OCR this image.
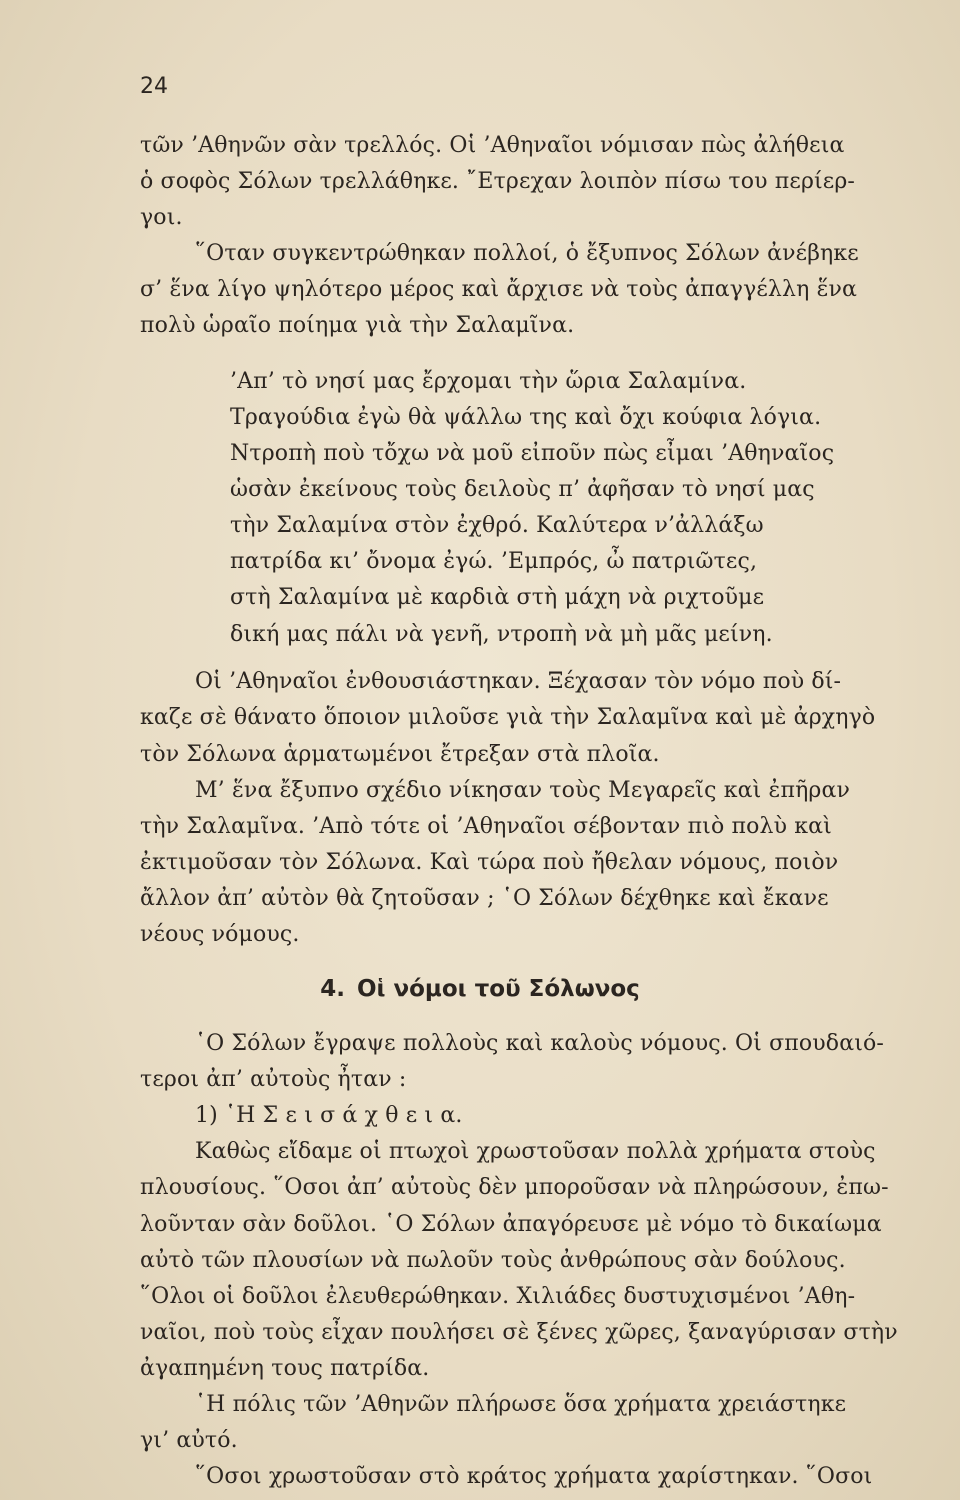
24
τῶν ’Αθηνῶν σὰν τρελλός. Οἱ ’Αθηναῖοι νόμισαν πὼς ἀλήθεια
ὁ σοφὸς Σόλων τρελλάθηκε. ῎Ετρεχαν λοιπὸν πίσω του περίερ-
γοι.
῞Οταν συγκεντρώθηκαν πολλοί, ὁ ἔξυπνος Σόλων ἀνέβηκε
σ’ ἕνα λίγο ψηλότερο μέρος καὶ ἄρχισε νὰ τοὺς ἀπαγγέλλη ἕνα
πολὺ ὡραῖο ποίημα γιὰ τὴν Σαλαμῖνα.
’Απ’ τὸ νησί μας ἔρχομαι τὴν ὥρια Σαλαμίνα.
Τραγούδια ἐγὼ θὰ ψάλλω της καὶ ὄχι κούφια λόγια.
Ντροπὴ ποὺ τὄχω νὰ μοῦ εἰποῦν πὼς εἶμαι ’Αθηναῖος
ὡσὰν ἐκείνους τοὺς δειλοὺς π’ ἀφῆσαν τὸ νησί μας
τὴν Σαλαμίνα στὸν ἐχθρό. Καλύτερα ν’ἀλλάξω
πατρίδα κι’ ὄνομα ἐγώ. ’Εμπρός, ὦ πατριῶτες,
στὴ Σαλαμίνα μὲ καρδιὰ στὴ μάχη νὰ ριχτοῦμε
δική μας πάλι νὰ γενῆ, ντροπὴ νὰ μὴ μᾶς μείνη.
Οἱ ’Αθηναῖοι ἐνθουσιάστηκαν. Ξέχασαν τὸν νόμο ποὺ δί-
καζε σὲ θάνατο ὅποιον μιλοῦσε γιὰ τὴν Σαλαμῖνα καὶ μὲ ἀρχηγὸ
τὸν Σόλωνα ἁρματωμένοι ἔτρεξαν στὰ πλοῖα.
Μ’ ἕνα ἔξυπνο σχέδιο νίκησαν τοὺς Μεγαρεῖς καὶ ἐπῆραν
τὴν Σαλαμῖνα. ’Απὸ τότε οἱ ’Αθηναῖοι σέβονταν πιὸ πολὺ καὶ
ἐκτιμοῦσαν τὸν Σόλωνα. Καὶ τώρα ποὺ ἤθελαν νόμους, ποιὸν
ἄλλον ἀπ’ αὐτὸν θὰ ζητοῦσαν ; ῾Ο Σόλων δέχθηκε καὶ ἔκανε
νέους νόμους.
4. Οἱ νόμοι τοῦ Σόλωνος
῾Ο Σόλων ἔγραψε πολλοὺς καὶ καλοὺς νόμους. Οἱ σπουδαιό-
τεροι ἀπ’ αὐτοὺς ἦταν :
1) ῾Η Σ ε ι σ ά χ θ ε ι α.
Καθὼς εἴδαμε οἱ πτωχοὶ χρωστοῦσαν πολλὰ χρήματα στοὺς
πλουσίους. ῞Οσοι ἀπ’ αὐτοὺς δὲν μποροῦσαν νὰ πληρώσουν, ἐπω-
λοῦνταν σὰν δοῦλοι. ῾Ο Σόλων ἀπαγόρευσε μὲ νόμο τὸ δικαίωμα
αὐτὸ τῶν πλουσίων νὰ πωλοῦν τοὺς ἀνθρώπους σὰν δούλους.
῞Ολοι οἱ δοῦλοι ἐλευθερώθηκαν. Χιλιάδες δυστυχισμένοι ’Αθη-
ναῖοι, ποὺ τοὺς εἶχαν πουλήσει σὲ ξένες χῶρες, ξαναγύρισαν στὴν
ἀγαπημένη τους πατρίδα.
῾Η πόλις τῶν ’Αθηνῶν πλήρωσε ὅσα χρήματα χρειάστηκε
γι’ αὐτό.
῞Οσοι χρωστοῦσαν στὸ κράτος χρήματα χαρίστηκαν. ῞Οσοι
